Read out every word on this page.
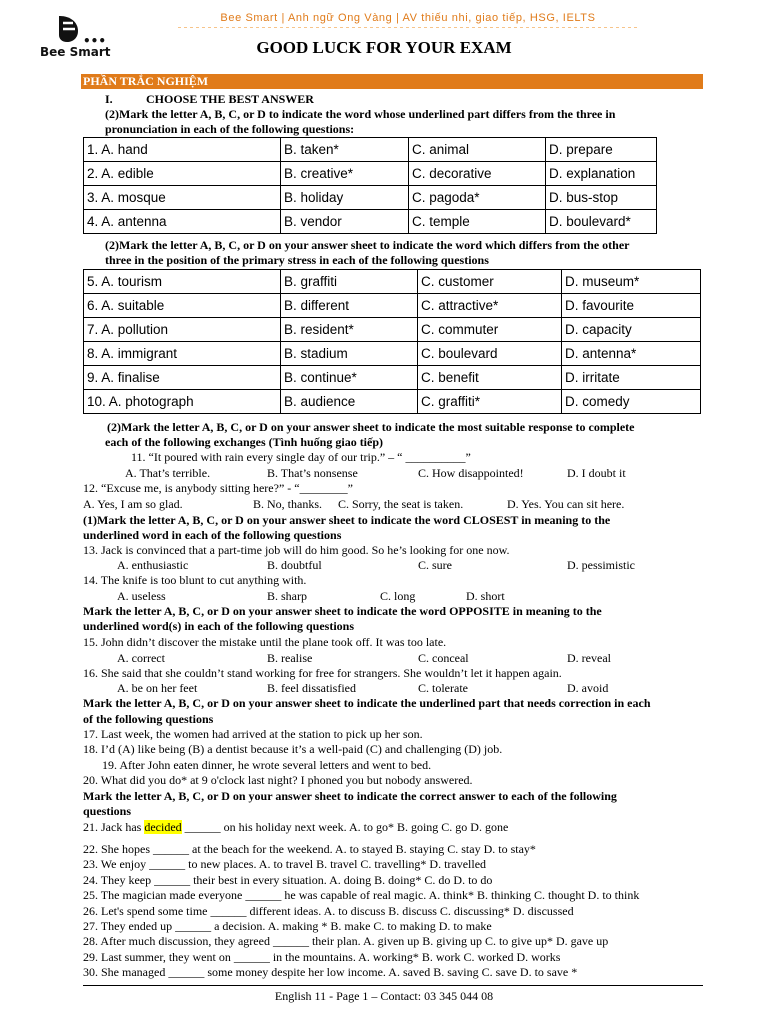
•••
Bee Smart
Bee Smart | Anh ngữ Ong Vàng | AV thiếu nhi, giao tiếp, HSG, IELTS
GOOD LUCK FOR YOUR EXAM
PHẦN TRẮC NGHIỆM
I.	CHOOSE THE BEST ANSWER
(2)Mark the letter A, B, C, or D to indicate the word whose underlined part differs from the three in
pronunciation in each of the following questions:
1. A. hand	B. taken*	C. animal	D. prepare
2. A. edible	B. creative*	C. decorative	D. explanation
3. A. mosque	B. holiday	C. pagoda*	D. bus-stop
4. A. antenna	B. vendor	C. temple	D. boulevard*
(2)Mark the letter A, B, C, or D on your answer sheet to indicate the word which differs from the other
three in the position of the primary stress in each of the following questions
5. A. tourism	B. graffiti	C. customer	D. museum*
6. A. suitable	B. different	C. attractive*	D. favourite
7. A. pollution	B. resident*	C. commuter	D. capacity
8. A. immigrant	B. stadium	C. boulevard	D. antenna*
9. A. finalise	B. continue*	C. benefit	D. irritate
10. A. photograph	B. audience	C. graffiti*	D. comedy
(2)Mark the letter A, B, C, or D on your answer sheet to indicate the most suitable response to complete
each of the following exchanges (Tình huống giao tiếp)
11. “It poured with rain every single day of our trip.” – “ __________”
A. That’s terrible.	B. That’s nonsense	C. How disappointed!	D. I doubt it
12. “Excuse me, is anybody sitting here?” - “________”
A. Yes, I am so glad.	B. No, thanks. C. Sorry, the seat is taken.	D. Yes. You can sit here.
(1)Mark the letter A, B, C, or D on your answer sheet to indicate the word CLOSEST in meaning to the
underlined word in each of the following questions
13. Jack is convinced that a part-time job will do him good. So he’s looking for one now.
A. enthusiastic	B. doubtful	C. sure	D. pessimistic
14. The knife is too blunt to cut anything with.
A. useless	B. sharp	C. long	D. short
Mark the letter A, B, C, or D on your answer sheet to indicate the word OPPOSITE in meaning to the
underlined word(s) in each of the following questions
15. John didn’t discover the mistake until the plane took off. It was too late.
A. correct	B. realise	C. conceal	D. reveal
16. She said that she couldn’t stand working for free for strangers. She wouldn’t let it happen again.
A. be on her feet	B. feel dissatisfied	C. tolerate	D. avoid
Mark the letter A, B, C, or D on your answer sheet to indicate the underlined part that needs correction in each
of the following questions
17. Last week, the women had arrived at the station to pick up her son.
18. I’d (A) like being (B) a dentist because it’s a well-paid (C) and challenging (D) job.
19. After John eaten dinner, he wrote several letters and went to bed.
20. What did you do* at 9 o'clock last night? I phoned you but nobody answered.
Mark the letter A, B, C, or D on your answer sheet to indicate the correct answer to each of the following
questions
21. Jack has decided ______ on his holiday next week. A. to go* B. going C. go D. gone
22. She hopes ______ at the beach for the weekend. A. to stayed B. staying C. stay D. to stay*
23. We enjoy ______ to new places. A. to travel B. travel C. travelling* D. travelled
24. They keep ______ their best in every situation. A. doing B. doing* C. do D. to do
25. The magician made everyone ______ he was capable of real magic. A. think* B. thinking C. thought D. to think
26. Let's spend some time ______ different ideas. A. to discuss B. discuss C. discussing* D. discussed
27. They ended up ______ a decision. A. making * B. make C. to making D. to make
28. After much discussion, they agreed ______ their plan. A. given up B. giving up C. to give up* D. gave up
29. Last summer, they went on ______ in the mountains. A. working* B. work C. worked D. works
30. She managed ______ some money despite her low income. A. saved B. saving C. save D. to save *
English 11 - Page 1 – Contact: 03 345 044 08
